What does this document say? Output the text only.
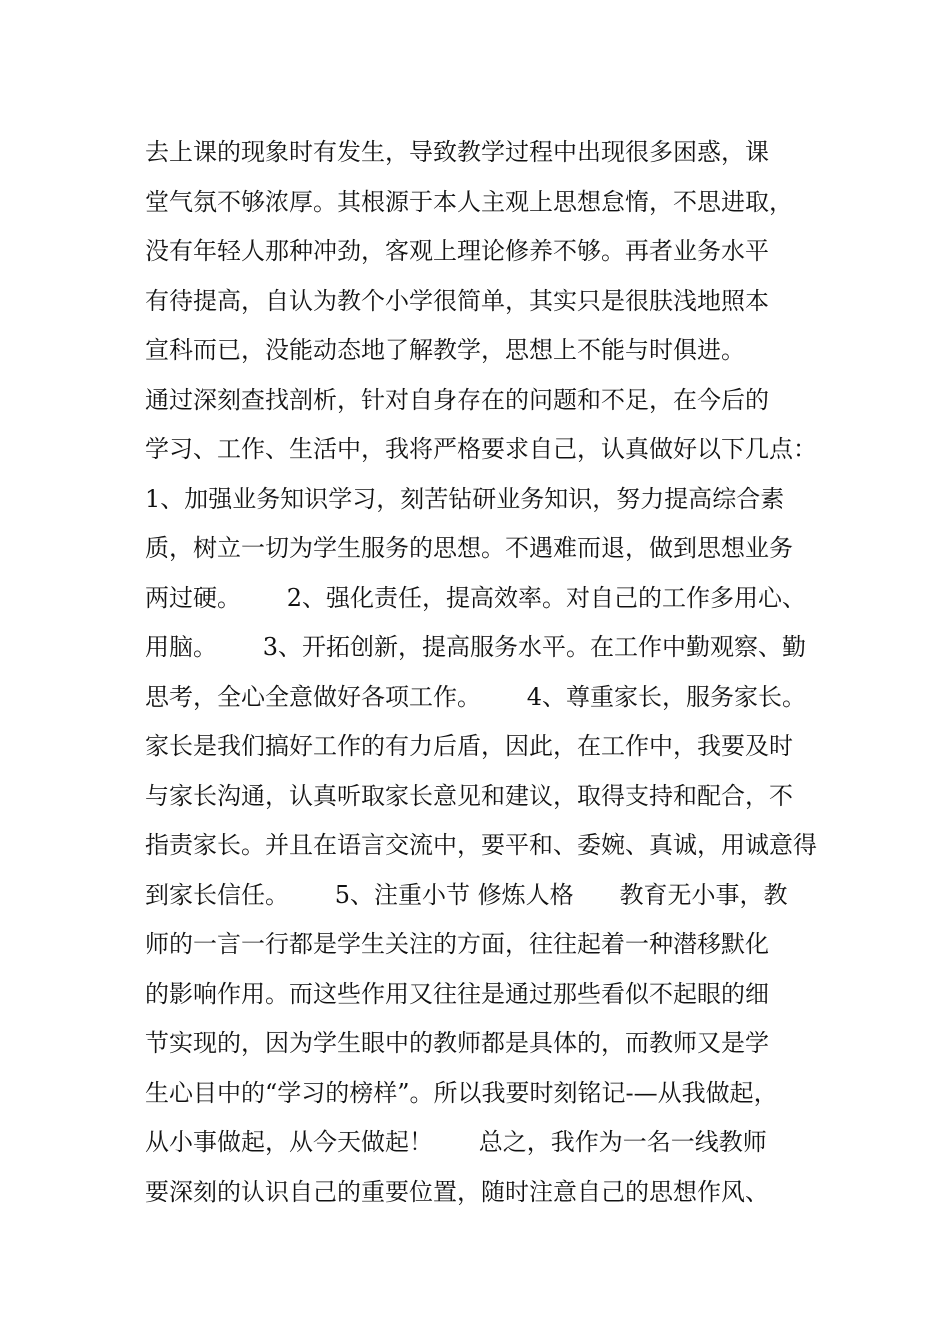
去上课的现象时有发生，导致教学过程中出现很多困惑，课
堂气氛不够浓厚。其根源于本人主观上思想怠惰，不思进取，
没有年轻人那种冲劲，客观上理论修养不够。再者业务水平
有待提高，自认为教个小学很简单，其实只是很肤浅地照本
宣科而已，没能动态地了解教学，思想上不能与时俱进。
通过深刻查找剖析，针对自身存在的问题和不足，在今后的
学习、工作、生活中，我将严格要求自己，认真做好以下几点：
1、加强业务知识学习，刻苦钻研业务知识，努力提高综合素
质，树立一切为学生服务的思想。不遇难而退，做到思想业务
两过硬。      2、强化责任，提高效率。对自己的工作多用心、
用脑。      3、开拓创新，提高服务水平。在工作中勤观察、勤
思考，全心全意做好各项工作。      4、尊重家长，服务家长。
家长是我们搞好工作的有力后盾，因此，在工作中，我要及时
与家长沟通，认真听取家长意见和建议，取得支持和配合，不
指责家长。并且在语言交流中，要平和、委婉、真诚，用诚意得
到家长信任。      5、注重小节 修炼人格      教育无小事，教
师的一言一行都是学生关注的方面，往往起着一种潜移默化
的影响作用。而这些作用又往往是通过那些看似不起眼的细
节实现的，因为学生眼中的教师都是具体的，而教师又是学
生心目中的“学习的榜样”。所以我要时刻铭记-—从我做起，
从小事做起，从今天做起！      总之，我作为一名一线教师
要深刻的认识自己的重要位置，随时注意自己的思想作风、
